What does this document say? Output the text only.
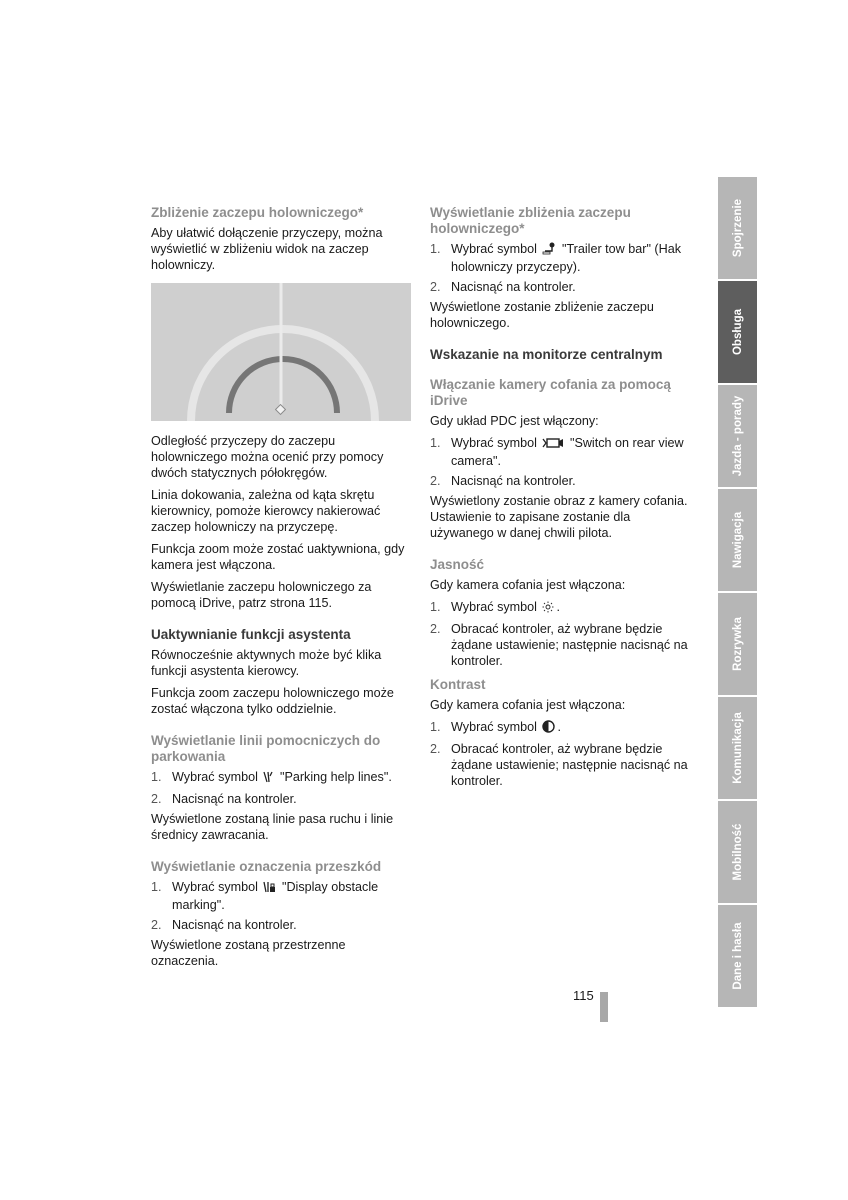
Zbliżenie zaczepu holowniczego*

Aby ułatwić dołączenie przyczepy, można wyświetlić w zbliżeniu widok na zaczep holowniczy.

Odległość przyczepy do zaczepu holowniczego można ocenić przy pomocy dwóch statycznych półokręgów.

Linia dokowania, zależna od kąta skrętu kierownicy, pomoże kierowcy nakierować zaczep holowniczy na przyczepę.

Funkcja zoom może zostać uaktywniona, gdy kamera jest włączona.

Wyświetlanie zaczepu holowniczego za pomocą iDrive, patrz strona 115.

Uaktywnianie funkcji asystenta

Równocześnie aktywnych może być klika funkcji asystenta kierowcy.

Funkcja zoom zaczepu holowniczego może zostać włączona tylko oddzielnie.

Wyświetlanie linii pomocniczych do parkowania
1. Wybrać symbol "Parking help lines".
2. Nacisnąć na kontroler.

Wyświetlone zostaną linie pasa ruchu i linie średnicy zawracania.

Wyświetlanie oznaczenia przeszkód
1. Wybrać symbol "Display obstacle marking".
2. Nacisnąć na kontroler.

Wyświetlone zostaną przestrzenne oznaczenia.

Wyświetlanie zbliżenia zaczepu holowniczego*
1. Wybrać symbol "Trailer tow bar" (Hak holowniczy przyczepy).
2. Nacisnąć na kontroler.

Wyświetlone zostanie zbliżenie zaczepu holowniczego.

Wskazanie na monitorze centralnym
Włączanie kamery cofania za pomocą iDrive

Gdy układ PDC jest włączony:

1. Wybrać symbol	"Switch on rear view camera".
2. Nacisnąć na kontroler.

Wyświetlony zostanie obraz z kamery cofania. Ustawienie to zapisane zostanie dla używanego w danej chwili pilota.

Jasność

Gdy kamera cofania jest włączona:

1. Wybrać symbol .
2. Obracać kontroler, aż wybrane będzie żądane ustawienie; następnie nacisnąć na kontroler.
Kontrast

Gdy kamera cofania jest włączona:

1. Wybrać symbol .
2. Obracać kontroler, aż wybrane będzie żądane ustawienie; następnie nacisnąć na kontroler.
115
Spojrzenie
Obsługa
Jazda - porady
Nawigacja
Rozrywka
Komunikacja
Mobilność
Dane i hasła
